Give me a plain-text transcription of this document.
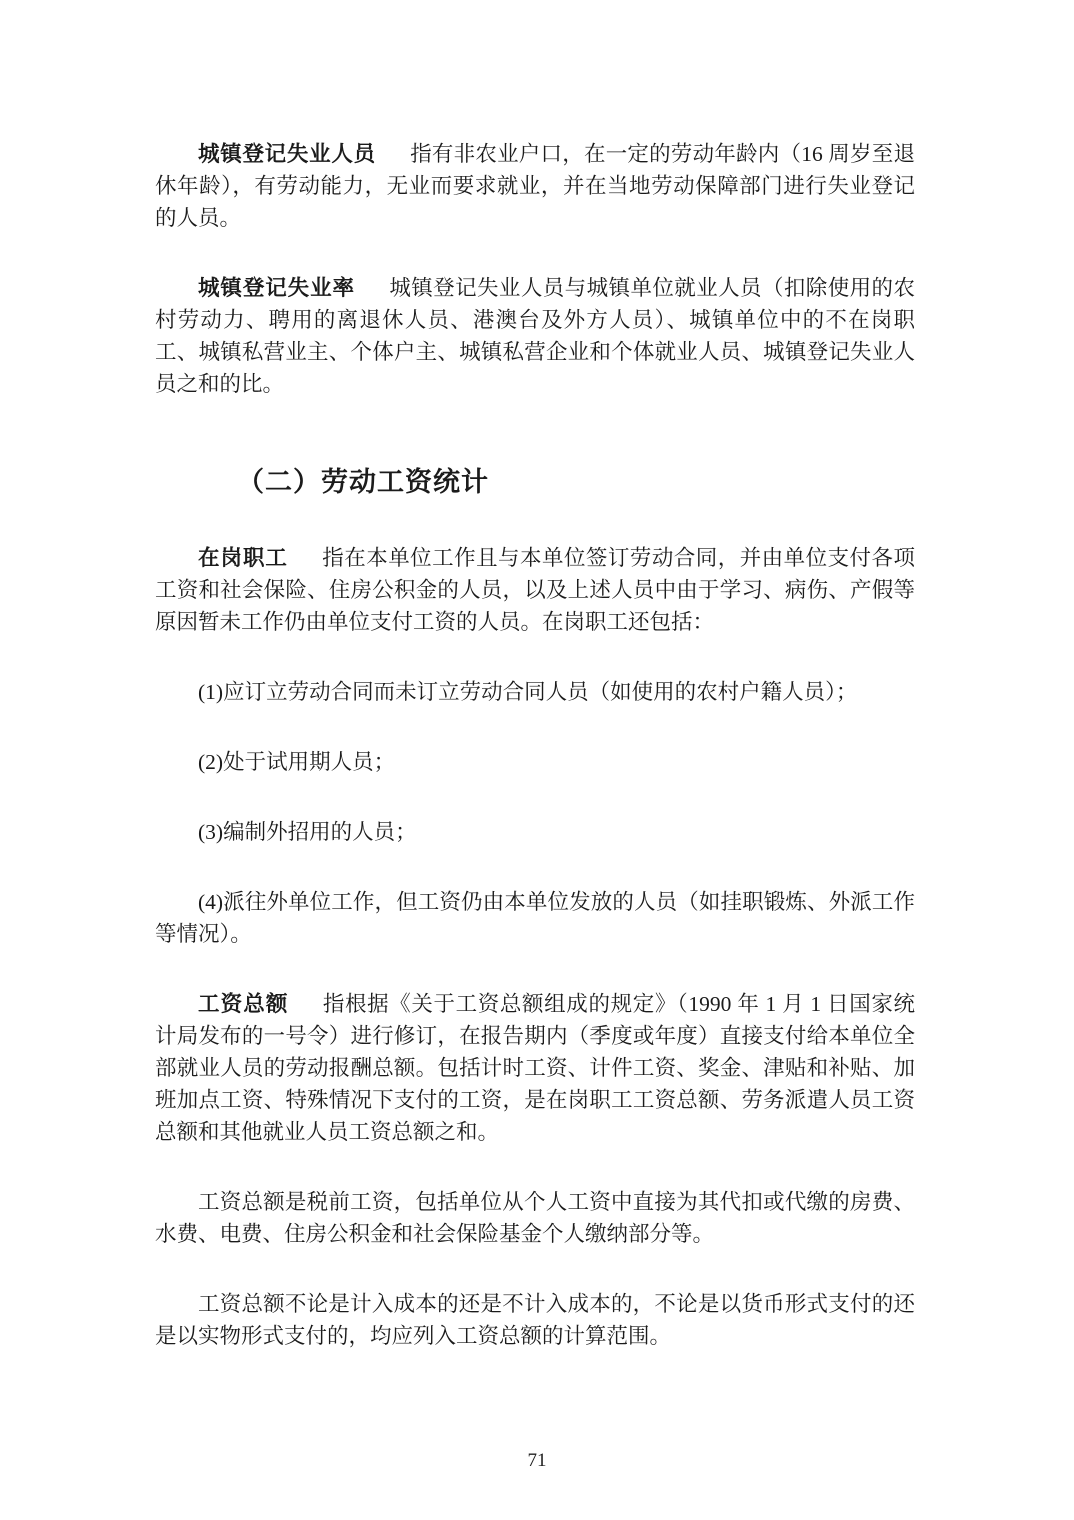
城镇登记失业人员 指有非农业户口，在一定的劳动年龄内（16 周岁至退休年龄），有劳动能力，无业而要求就业，并在当地劳动保障部门进行失业登记的人员。

城镇登记失业率 城镇登记失业人员与城镇单位就业人员（扣除使用的农村劳动力、聘用的离退休人员、港澳台及外方人员）、城镇单位中的不在岗职工、城镇私营业主、个体户主、城镇私营企业和个体就业人员、城镇登记失业人员之和的比。

（二）劳动工资统计

在岗职工 指在本单位工作且与本单位签订劳动合同，并由单位支付各项工资和社会保险、住房公积金的人员，以及上述人员中由于学习、病伤、产假等原因暂未工作仍由单位支付工资的人员。在岗职工还包括：

(1)应订立劳动合同而未订立劳动合同人员（如使用的农村户籍人员）；

(2)处于试用期人员；

(3)编制外招用的人员；

(4)派往外单位工作，但工资仍由本单位发放的人员（如挂职锻炼、外派工作等情况）。

工资总额 指根据《关于工资总额组成的规定》（1990 年 1 月 1 日国家统计局发布的一号令）进行修订，在报告期内（季度或年度）直接支付给本单位全部就业人员的劳动报酬总额。包括计时工资、计件工资、奖金、津贴和补贴、加班加点工资、特殊情况下支付的工资，是在岗职工工资总额、劳务派遣人员工资总额和其他就业人员工资总额之和。

工资总额是税前工资，包括单位从个人工资中直接为其代扣或代缴的房费、水费、电费、住房公积金和社会保险基金个人缴纳部分等。

工资总额不论是计入成本的还是不计入成本的，不论是以货币形式支付的还是以实物形式支付的，均应列入工资总额的计算范围。

71
